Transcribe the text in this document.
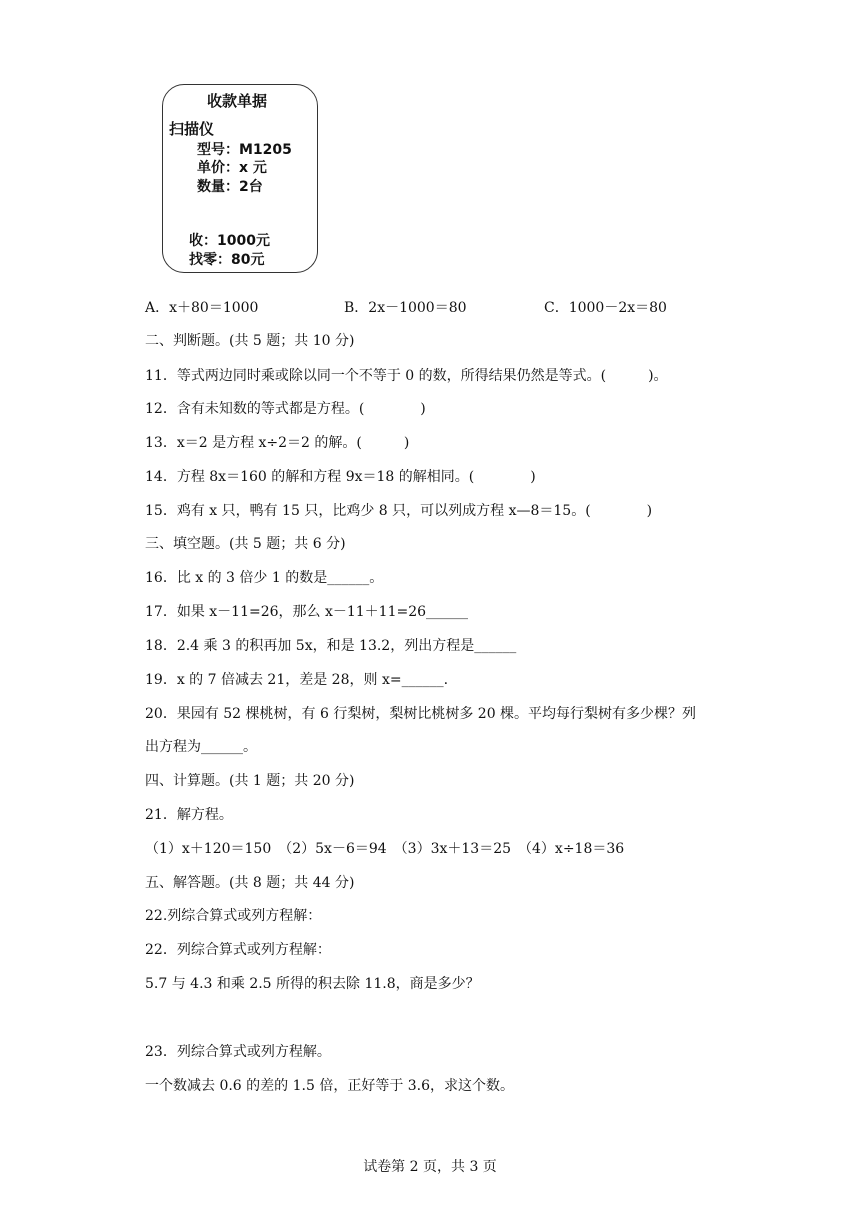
收款单据
扫描仪
型号：M1205
单价：x 元
数量：2台
收：1000元
找零：80元
A．x＋80＝1000	B．2x－1000＝80	C．1000－2x＝80
二、判断题。(共 5 题；共 10 分)
11．等式两边同时乘或除以同一个不等于 0 的数，所得结果仍然是等式。(　　　)。
12．含有未知数的等式都是方程。(　　　　)
13．x＝2 是方程 x÷2＝2 的解。(　　　)
14．方程 8x＝160 的解和方程 9x＝18 的解相同。(　　　　)
15．鸡有 x 只，鸭有 15 只，比鸡少 8 只，可以列成方程 x—8＝15。(　　　　)
三、填空题。(共 5 题；共 6 分)
16．比 x 的 3 倍少 1 的数是______。
17．如果 x－11=26，那么 x－11＋11=26______
18．2.4 乘 3 的积再加 5x，和是 13.2，列出方程是______
19．x 的 7 倍减去 21，差是 28，则 x=______.
20．果园有 52 棵桃树，有 6 行梨树，梨树比桃树多 20 棵。平均每行梨树有多少棵？列
出方程为______。
四、计算题。(共 1 题；共 20 分)
21．解方程。
（1）x＋120＝150　（2）5x－6＝94　（3）3x＋13＝25　（4）x÷18＝36
五、解答题。(共 8 题；共 44 分)
22.列综合算式或列方程解：
22．列综合算式或列方程解：
5.7 与 4.3 和乘 2.5 所得的积去除 11.8，商是多少？
23．列综合算式或列方程解。
一个数减去 0.6 的差的 1.5 倍，正好等于 3.6，求这个数。
试卷第 2 页，共 3 页
